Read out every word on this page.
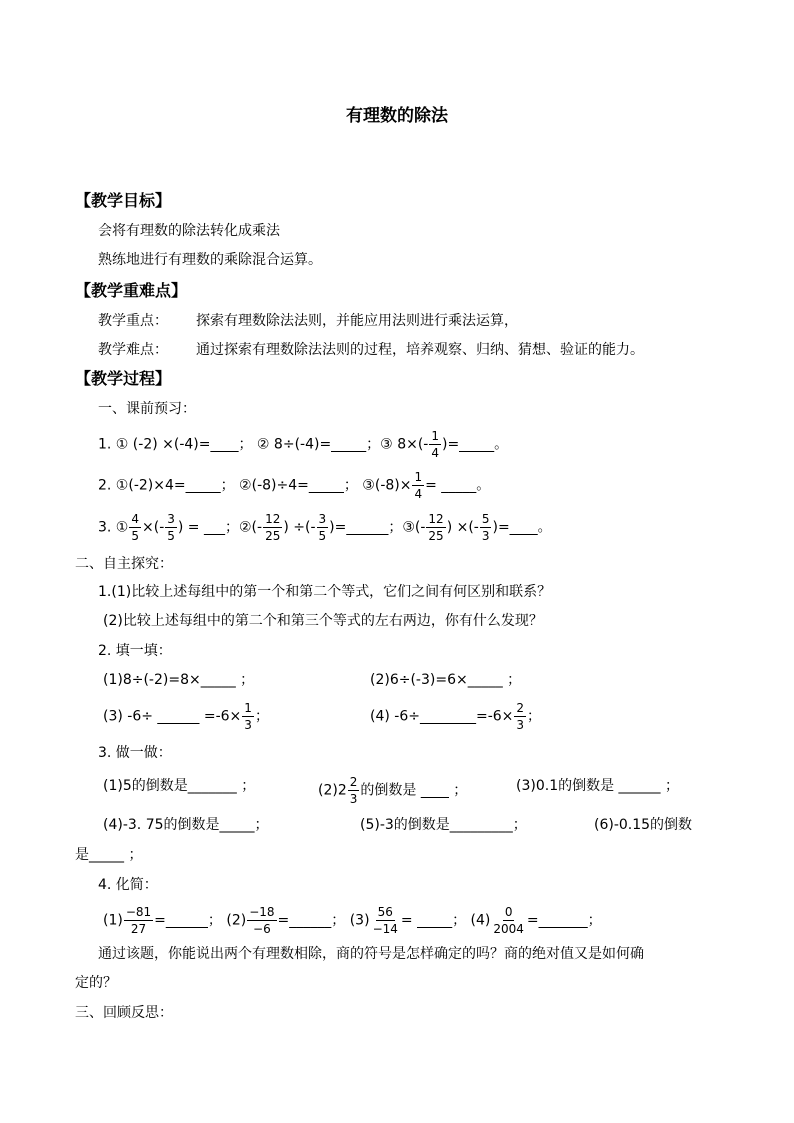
有理数的除法
【教学目标】
会将有理数的除法转化成乘法
熟练地进行有理数的乘除混合运算。
【教学重难点】
教学重点： 探索有理数除法法则，并能应用法则进行乘法运算，
教学难点： 通过探索有理数除法法则的过程，培养观察、归纳、猜想、验证的能力。
【教学过程】
一、课前预习：
1. ① (-2) ×(-4)=____； ② 8÷(-4)=_____；③ $8\times(- \frac{1}{4}$ )=_____。
2. ①(-2)×4=_____； ②(-8)÷4=_____； ③(-8)× $\frac{1}{4}$ = _____。
3. ① $\frac{4}{5}$ ×(- $\frac{3}{5}$ ) = ___；②(- $\frac{12}{25}$ ) ÷(- $\frac{3}{5}$ )=______；③(- $\frac{12}{25}$ ) ×(- $\frac{5}{3}$ )=____。
二、自主探究：
1.(1)比较上述每组中的第一个和第二个等式，它们之间有何区别和联系？
(2)比较上述每组中的第二个和第三个等式的左右两边，你有什么发现？
2. 填一填：
(1)8÷(-2)=8×_____ ；	(2)6÷(-3)=6×_____ ；
(3) -6÷ ______ $=-6\times \frac{1}{3}$ ；	(4) -6÷________=-6× $\frac{2}{3}$ ；
3. 做一做：
(1)5的倒数是_______ ；	$(2)2 \frac{2}{3}$ 的倒数是 ____ ；	(3)0.1的倒数是 ______ ；
(4)-3. 75的倒数是_____；	(5)-3的倒数是_________；	(6)-0.15的倒数
是_____ ；
4. 化简：
$(1) \frac{-81}{27}$ =______； $(2) \frac{-18}{-6}$ =______； $(3) \frac{56}{-14}$ = _____； $(4) \frac{0}{2004}$ =_______；
通过该题，你能说出两个有理数相除，商的符号是怎样确定的吗？商的绝对值又是如何确
定的？
三、回顾反思：
